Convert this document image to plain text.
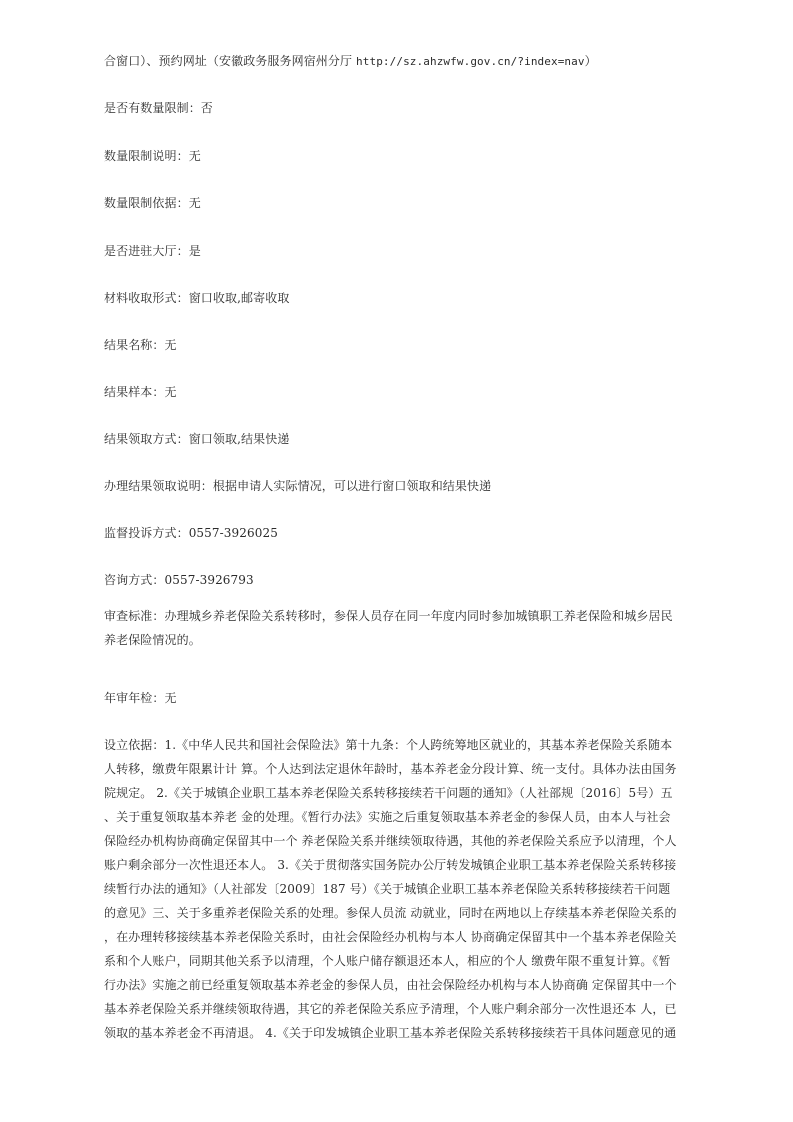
合窗口）、预约网址（安徽政务服务网宿州分厅 http://sz.ahzwfw.gov.cn/?index=nav）
是否有数量限制：否
数量限制说明：无
数量限制依据：无
是否进驻大厅：是
材料收取形式：窗口收取,邮寄收取
结果名称：无
结果样本：无
结果领取方式：窗口领取,结果快递
办理结果领取说明：根据申请人实际情况，可以进行窗口领取和结果快递
监督投诉方式：0557-3926025
咨询方式：0557-3926793
审查标准：办理城乡养老保险关系转移时，参保人员存在同一年度内同时参加城镇职工养老保险和城乡居民
养老保险情况的。
年审年检：无
设立依据：1.《中华人民共和国社会保险法》第十九条：个人跨统筹地区就业的，其基本养老保险关系随本
人转移，缴费年限累计计 算。个人达到法定退休年龄时，基本养老金分段计算、统一支付。具体办法由国务
院规定。 2.《关于城镇企业职工基本养老保险关系转移接续若干问题的通知》（人社部规〔2016〕5号）五
、关于重复领取基本养老 金的处理。《暂行办法》实施之后重复领取基本养老金的参保人员，由本人与社会
保险经办机构协商确定保留其中一个 养老保险关系并继续领取待遇，其他的养老保险关系应予以清理，个人
账户剩余部分一次性退还本人。 3.《关于贯彻落实国务院办公厅转发城镇企业职工基本养老保险关系转移接
续暂行办法的通知》（人社部发〔2009〕187 号）《关于城镇企业职工基本养老保险关系转移接续若干问题
的意见》三、关于多重养老保险关系的处理。参保人员流 动就业，同时在两地以上存续基本养老保险关系的
，在办理转移接续基本养老保险关系时，由社会保险经办机构与本人 协商确定保留其中一个基本养老保险关
系和个人账户，同期其他关系予以清理，个人账户储存额退还本人，相应的个人 缴费年限不重复计算。《暂
行办法》实施之前已经重复领取基本养老金的参保人员，由社会保险经办机构与本人协商确 定保留其中一个
基本养老保险关系并继续领取待遇，其它的养老保险关系应予清理，个人账户剩余部分一次性退还本 人，已
领取的基本养老金不再清退。 4.《关于印发城镇企业职工基本养老保险关系转移接续若干具体问题意见的通
